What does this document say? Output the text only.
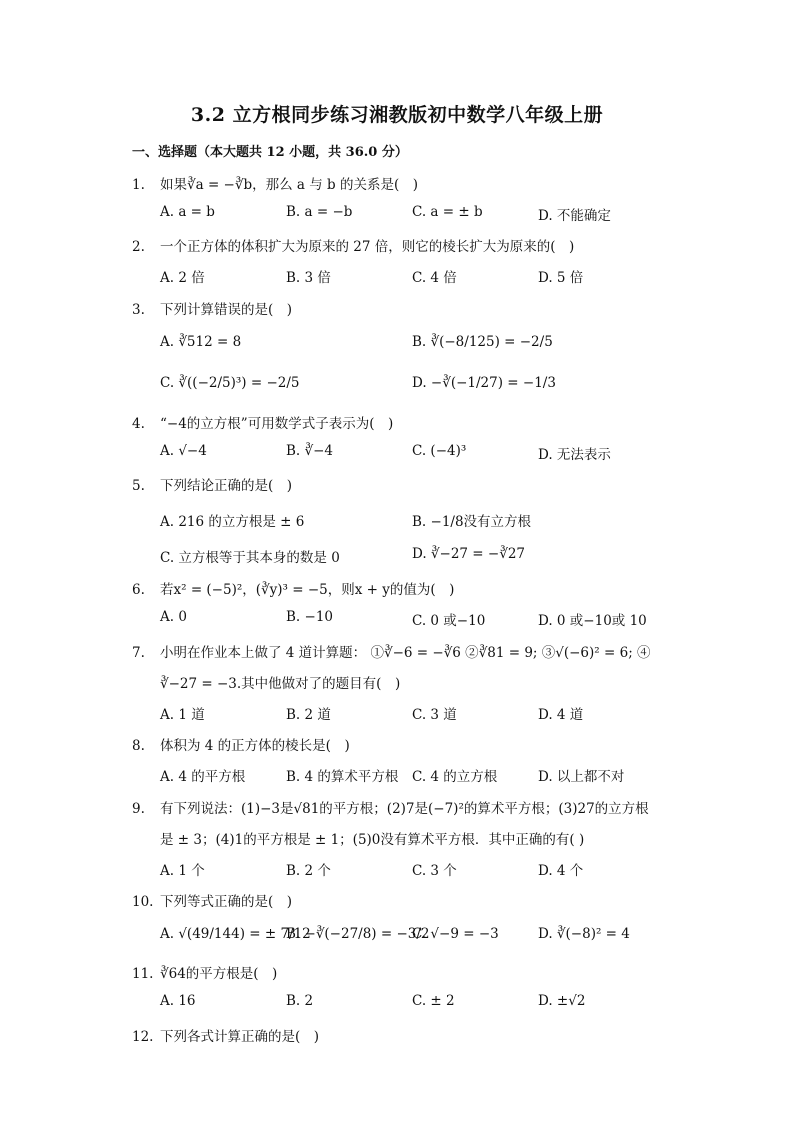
3.2 立方根同步练习湘教版初中数学八年级上册
一、选择题（本大题共 12 小题，共 36.0 分）
1. 如果∛a = −∛b，那么 a 与 b 的关系是(　)
A. a = b	B. a = −b	C. a = ± b	D. 不能确定
2. 一个正方体的体积扩大为原来的 27 倍，则它的棱长扩大为原来的(　)
A. 2 倍	B. 3 倍	C. 4 倍	D. 5 倍
3. 下列计算错误的是(　)
A. ∛512 = 8	B. ∛(−8/125) = −2/5
C. ∛((−2/5)³) = −2/5	D. −∛(−1/27) = −1/3
4. “−4的立方根”可用数学式子表示为(　)
A. √−4	B. ∛−4	C. (−4)³	D. 无法表示
5. 下列结论正确的是(　)
A. 216 的立方根是 ± 6	B. −1/8没有立方根
C. 立方根等于其本身的数是 0	D. ∛−27 = −∛27
6. 若x² = (−5)²，(∛y)³ = −5，则x + y的值为(　)
A. 0	B. −10	C. 0 或−10	D. 0 或−10或 10
7. 小明在作业本上做了 4 道计算题： ①∛−6 = −∛6 ②∛81 = 9; ③√(−6)² = 6; ④
∛−27 = −3.其中他做对了的题目有(　)
A. 1 道	B. 2 道	C. 3 道	D. 4 道
8. 体积为 4 的正方体的棱长是(　)
A. 4 的平方根	B. 4 的算术平方根 C. 4 的立方根	D. 以上都不对
9. 有下列说法：(1)−3是√81的平方根；(2)7是(−7)²的算术平方根；(3)27的立方根
是 ± 3；(4)1的平方根是 ± 1；(5)0没有算术平方根．其中正确的有( )
A. 1 个	B. 2 个	C. 3 个	D. 4 个
10. 下列等式正确的是(　)
A. √(49/144) = ± 7/12
B. −∛(−27/8) = −3/2
C. √−9 = −3	D. ∛(−8)² = 4
11. ∛64的平方根是(　)
A. 16	B. 2	C. ± 2	D. ±√2
12. 下列各式计算正确的是(　)
